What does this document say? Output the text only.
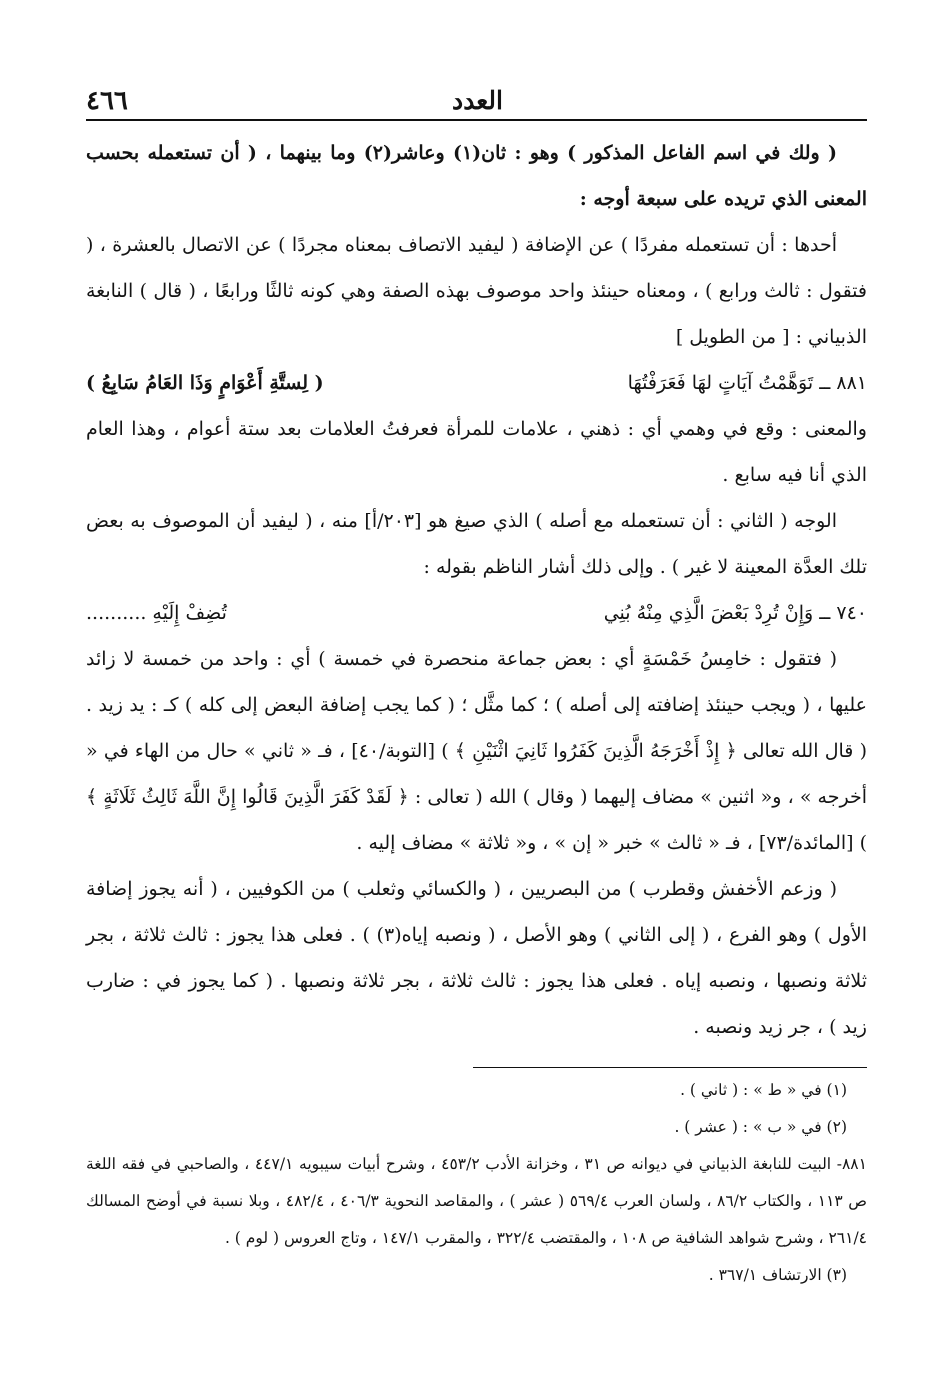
٤٦٦	العدد

( ولك في اسم الفاعل المذكور ) وهو : ثان(١) وعاشر(٢) وما بينهما ، ( أن تستعمله بحسب المعنى الذي تريده على سبعة أوجه :

أحدها : أن تستعمله مفردًا ) عن الإضافة ( ليفيد الاتصاف بمعناه مجردًا ) عن الاتصال بالعشرة ، ( فتقول : ثالث ورابع ) ، ومعناه حينئذ واحد موصوف بهذه الصفة وهي كونه ثالثًا ورابعًا ، ( قال ) النابغة الذبياني : [ من الطويل ]

٨٨١ ــ تَوَهَّمْتُ آيَاتٍ لهَا فَعَرَفْتُهَا
( لِستَّةِ أَعْوَامٍ وَذَا العَامُ سَابِعُ )

والمعنى : وقع في وهمي أي : ذهني ، علامات للمرأة فعرفتُ العلامات بعد ستة أعوام ، وهذا العام الذي أنا فيه سابع .

الوجه ( الثاني : أن تستعمله مع أصله ) الذي صيغ هو [٢٠٣/أ] منه ، ( ليفيد أن الموصوف به بعض تلك العدَّة المعينة لا غير ) . وإلى ذلك أشار الناظم بقوله :

٧٤٠ ــ وَإِنْ تُرِدْ بَعْضَ الَّذِي مِنْهُ بُنِي
تُضِفْ إِلَيْهِ ..........

( فتقول : خامِسُ خَمْسَةٍ أي : بعض جماعة منحصرة في خمسة ) أي : واحد من خمسة لا زائد عليها ، ( ويجب حينئذ إضافته إلى أصله ) ؛ كما مثَّل ؛ ( كما يجب إضافة البعض إلى كله ) كـ : يد زيد . ( قال الله تعالى ﴿ إِذْ أَخْرَجَهُ الَّذِينَ كَفَرُوا ثَانِيَ اثْنَيْنِ ﴾ ) [التوبة/٤٠] ، فـ « ثاني » حال من الهاء في « أخرجه » ، و« اثنين » مضاف إليهما ( وقال ) الله ( تعالى : ﴿ لَقَدْ كَفَرَ الَّذِينَ قَالُوا إِنَّ اللَّهَ ثَالِثُ ثَلَاثَةٍ ﴾ ) [المائدة/٧٣] ، فـ « ثالث » خبر « إن » ، و« ثلاثة » مضاف إليه .

( وزعم الأخفش وقطرب ) من البصريين ، ( والكسائي وثعلب ) من الكوفيين ، ( أنه يجوز إضافة الأول ) وهو الفرع ، ( إلى الثاني ) وهو الأصل ، ( ونصبه إياه(٣) ) . فعلى هذا يجوز : ثالث ثلاثة ، بجر ثلاثة ونصبها ، ونصبه إياه . فعلى هذا يجوز : ثالث ثلاثة ، بجر ثلاثة ونصبها . ( كما يجوز في : ضارب زيد ) ، جر زيد ونصبه .

(١) في « ط » : ( ثاني ) .

(٢) في « ب » : ( عشر ) .

٨٨١- البيت للنابغة الذبياني في ديوانه ص ٣١ ، وخزانة الأدب ٤٥٣/٢ ، وشرح أبيات سيبويه ٤٤٧/١ ، والصاحبي في فقه اللغة ص ١١٣ ، والكتاب ٨٦/٢ ، ولسان العرب ٥٦٩/٤ ( عشر ) ، والمقاصد النحوية ٤٠٦/٣ ، ٤٨٢/٤ ، وبلا نسبة في أوضح المسالك ٢٦١/٤ ، وشرح شواهد الشافية ص ١٠٨ ، والمقتضب ٣٢٢/٤ ، والمقرب ١٤٧/١ ، وتاج العروس ( لوم ) .

(٣) الارتشاف ٣٦٧/١ .
